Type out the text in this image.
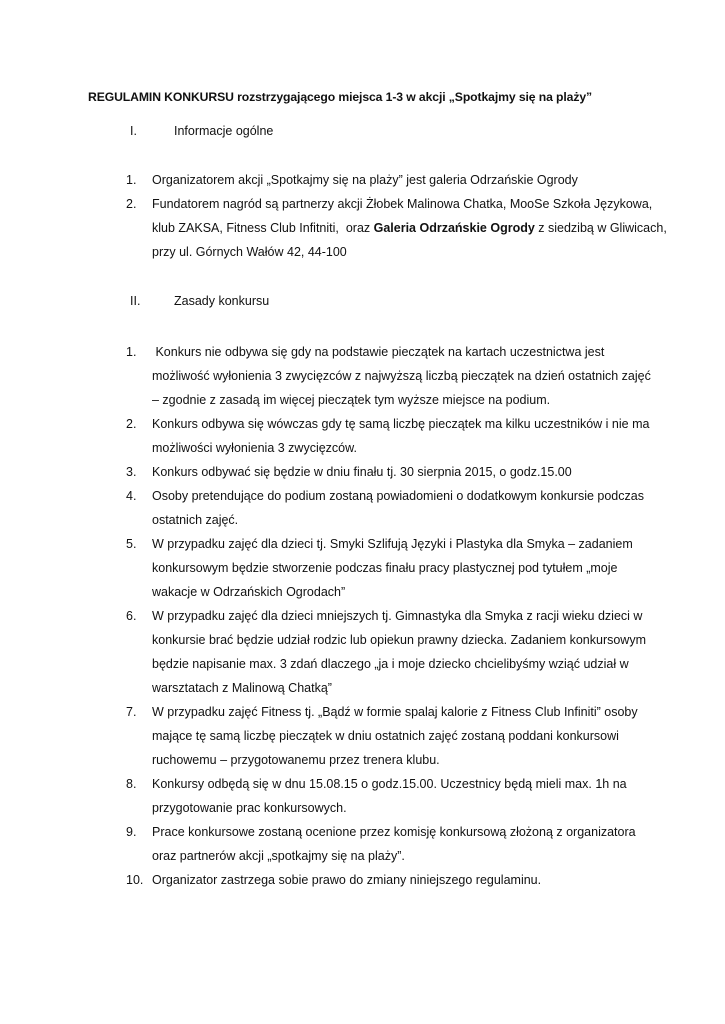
REGULAMIN KONKURSU rozstrzygającego miejsca 1-3 w akcji „Spotkajmy się na plaży”
I.	Informacje ogólne
1. Organizatorem akcji „Spotkajmy się na plaży” jest galeria Odrzańskie Ogrody
2. Fundatorem nagród są partnerzy akcji Żłobek Malinowa Chatka, MooSe Szkoła Językowa,
klub ZAKSA, Fitness Club Infitniti,  oraz Galeria Odrzańskie Ogrody z siedzibą w Gliwicach,
przy ul. Górnych Wałów 42, 44-100
II.	Zasady konkursu
1. Konkurs nie odbywa się gdy na podstawie pieczątek na kartach uczestnictwa jest
możliwość wyłonienia 3 zwycięzców z najwyższą liczbą pieczątek na dzień ostatnich zajęć
– zgodnie z zasadą im więcej pieczątek tym wyższe miejsce na podium.
2. Konkurs odbywa się wówczas gdy tę samą liczbę pieczątek ma kilku uczestników i nie ma
możliwości wyłonienia 3 zwycięzców.
3. Konkurs odbywać się będzie w dniu finału tj. 30 sierpnia 2015, o godz.15.00
4. Osoby pretendujące do podium zostaną powiadomieni o dodatkowym konkursie podczas
ostatnich zajęć.
5. W przypadku zajęć dla dzieci tj. Smyki Szlifują Języki i Plastyka dla Smyka – zadaniem
konkursowym będzie stworzenie podczas finału pracy plastycznej pod tytułem „moje
wakacje w Odrzańskich Ogrodach”
6. W przypadku zajęć dla dzieci mniejszych tj. Gimnastyka dla Smyka z racji wieku dzieci w
konkursie brać będzie udział rodzic lub opiekun prawny dziecka. Zadaniem konkursowym
będzie napisanie max. 3 zdań dlaczego „ja i moje dziecko chcielibyśmy wziąć udział w
warsztatach z Malinową Chatką”
7. W przypadku zajęć Fitness tj. „Bądź w formie spalaj kalorie z Fitness Club Infiniti” osoby
mające tę samą liczbę pieczątek w dniu ostatnich zajęć zostaną poddani konkursowi
ruchowemu – przygotowanemu przez trenera klubu.
8. Konkursy odbędą się w dnu 15.08.15 o godz.15.00. Uczestnicy będą mieli max. 1h na
przygotowanie prac konkursowych.
9. Prace konkursowe zostaną ocenione przez komisję konkursową złożoną z organizatora
oraz partnerów akcji „spotkajmy się na plaży”.
10. Organizator zastrzega sobie prawo do zmiany niniejszego regulaminu.
